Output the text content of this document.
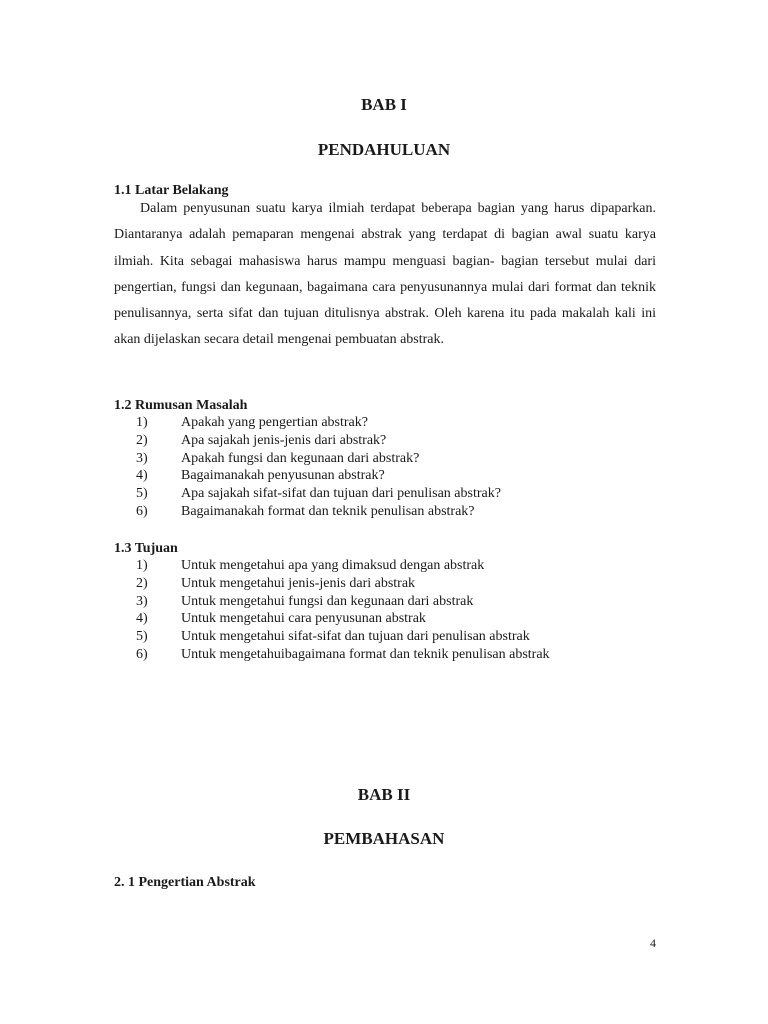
BAB I
PENDAHULUAN
1.1 Latar Belakang

Dalam penyusunan suatu karya ilmiah terdapat beberapa bagian yang harus dipaparkan. Diantaranya adalah pemaparan mengenai abstrak yang terdapat di bagian awal suatu karya ilmiah. Kita sebagai mahasiswa harus mampu menguasi bagian- bagian tersebut mulai dari pengertian, fungsi dan kegunaan, bagaimana cara penyusunannya mulai dari format dan teknik penulisannya, serta sifat dan tujuan ditulisnya abstrak. Oleh karena itu pada makalah kali ini akan dijelaskan secara detail mengenai pembuatan abstrak.

1.2 Rumusan Masalah
1)	Apakah yang pengertian abstrak?
2)	Apa sajakah jenis-jenis dari abstrak?
3)	Apakah fungsi dan kegunaan dari abstrak?
4)	Bagaimanakah penyusunan abstrak?
5)	Apa sajakah sifat-sifat dan tujuan dari penulisan abstrak?
6)	Bagaimanakah format dan teknik penulisan abstrak?
1.3 Tujuan
1)	Untuk mengetahui apa yang dimaksud dengan abstrak
2)	Untuk mengetahui jenis-jenis dari abstrak
3)	Untuk mengetahui fungsi dan kegunaan dari abstrak
4)	Untuk mengetahui cara penyusunan abstrak
5)	Untuk mengetahui sifat-sifat dan tujuan dari penulisan abstrak
6)	Untuk mengetahuibagaimana format dan teknik penulisan abstrak
BAB II
PEMBAHASAN
2. 1 Pengertian Abstrak
4
